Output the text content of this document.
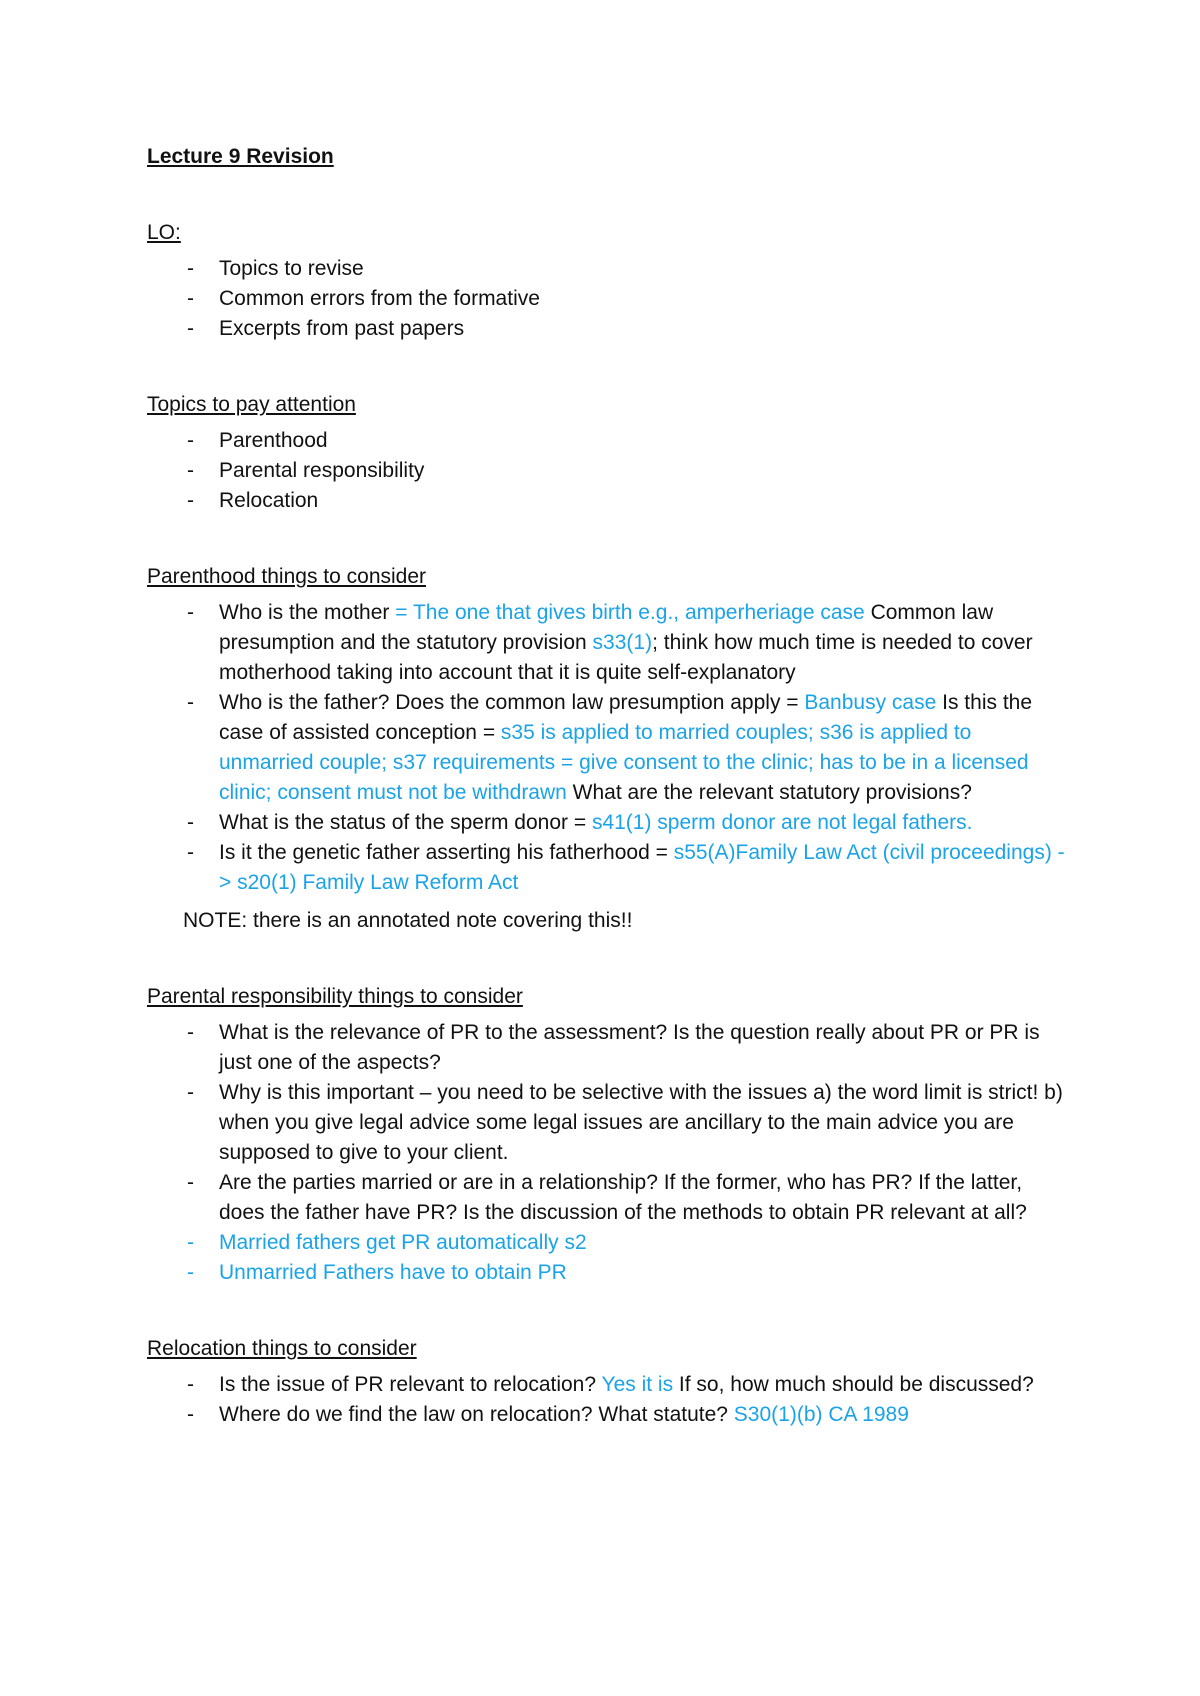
Lecture 9 Revision

LO:

- Topics to revise
- Common errors from the formative
- Excerpts from past papers

Topics to pay attention

- Parenthood
- Parental responsibility
- Relocation

Parenthood things to consider

- Who is the mother = The one that gives birth e.g., amperheriage case Common law presumption and the statutory provision s33(1); think how much time is needed to cover motherhood taking into account that it is quite self-explanatory
- Who is the father? Does the common law presumption apply = Banbusy case Is this the case of assisted conception = s35 is applied to married couples; s36 is applied to unmarried couple; s37 requirements = give consent to the clinic; has to be in a licensed clinic; consent must not be withdrawn What are the relevant statutory provisions?
- What is the status of the sperm donor = s41(1) sperm donor are not legal fathers.
- Is it the genetic father asserting his fatherhood = s55(A)Family Law Act (civil proceedings) -> s20(1) Family Law Reform Act

NOTE: there is an annotated note covering this!!

Parental responsibility things to consider

- What is the relevance of PR to the assessment? Is the question really about PR or PR is just one of the aspects?
- Why is this important – you need to be selective with the issues a) the word limit is strict! b) when you give legal advice some legal issues are ancillary to the main advice you are supposed to give to your client.
- Are the parties married or are in a relationship? If the former, who has PR? If the latter, does the father have PR? Is the discussion of the methods to obtain PR relevant at all?
- Married fathers get PR automatically s2
- Unmarried Fathers have to obtain PR

Relocation things to consider

- Is the issue of PR relevant to relocation? Yes it is If so, how much should be discussed?
- Where do we find the law on relocation? What statute? S30(1)(b) CA 1989
